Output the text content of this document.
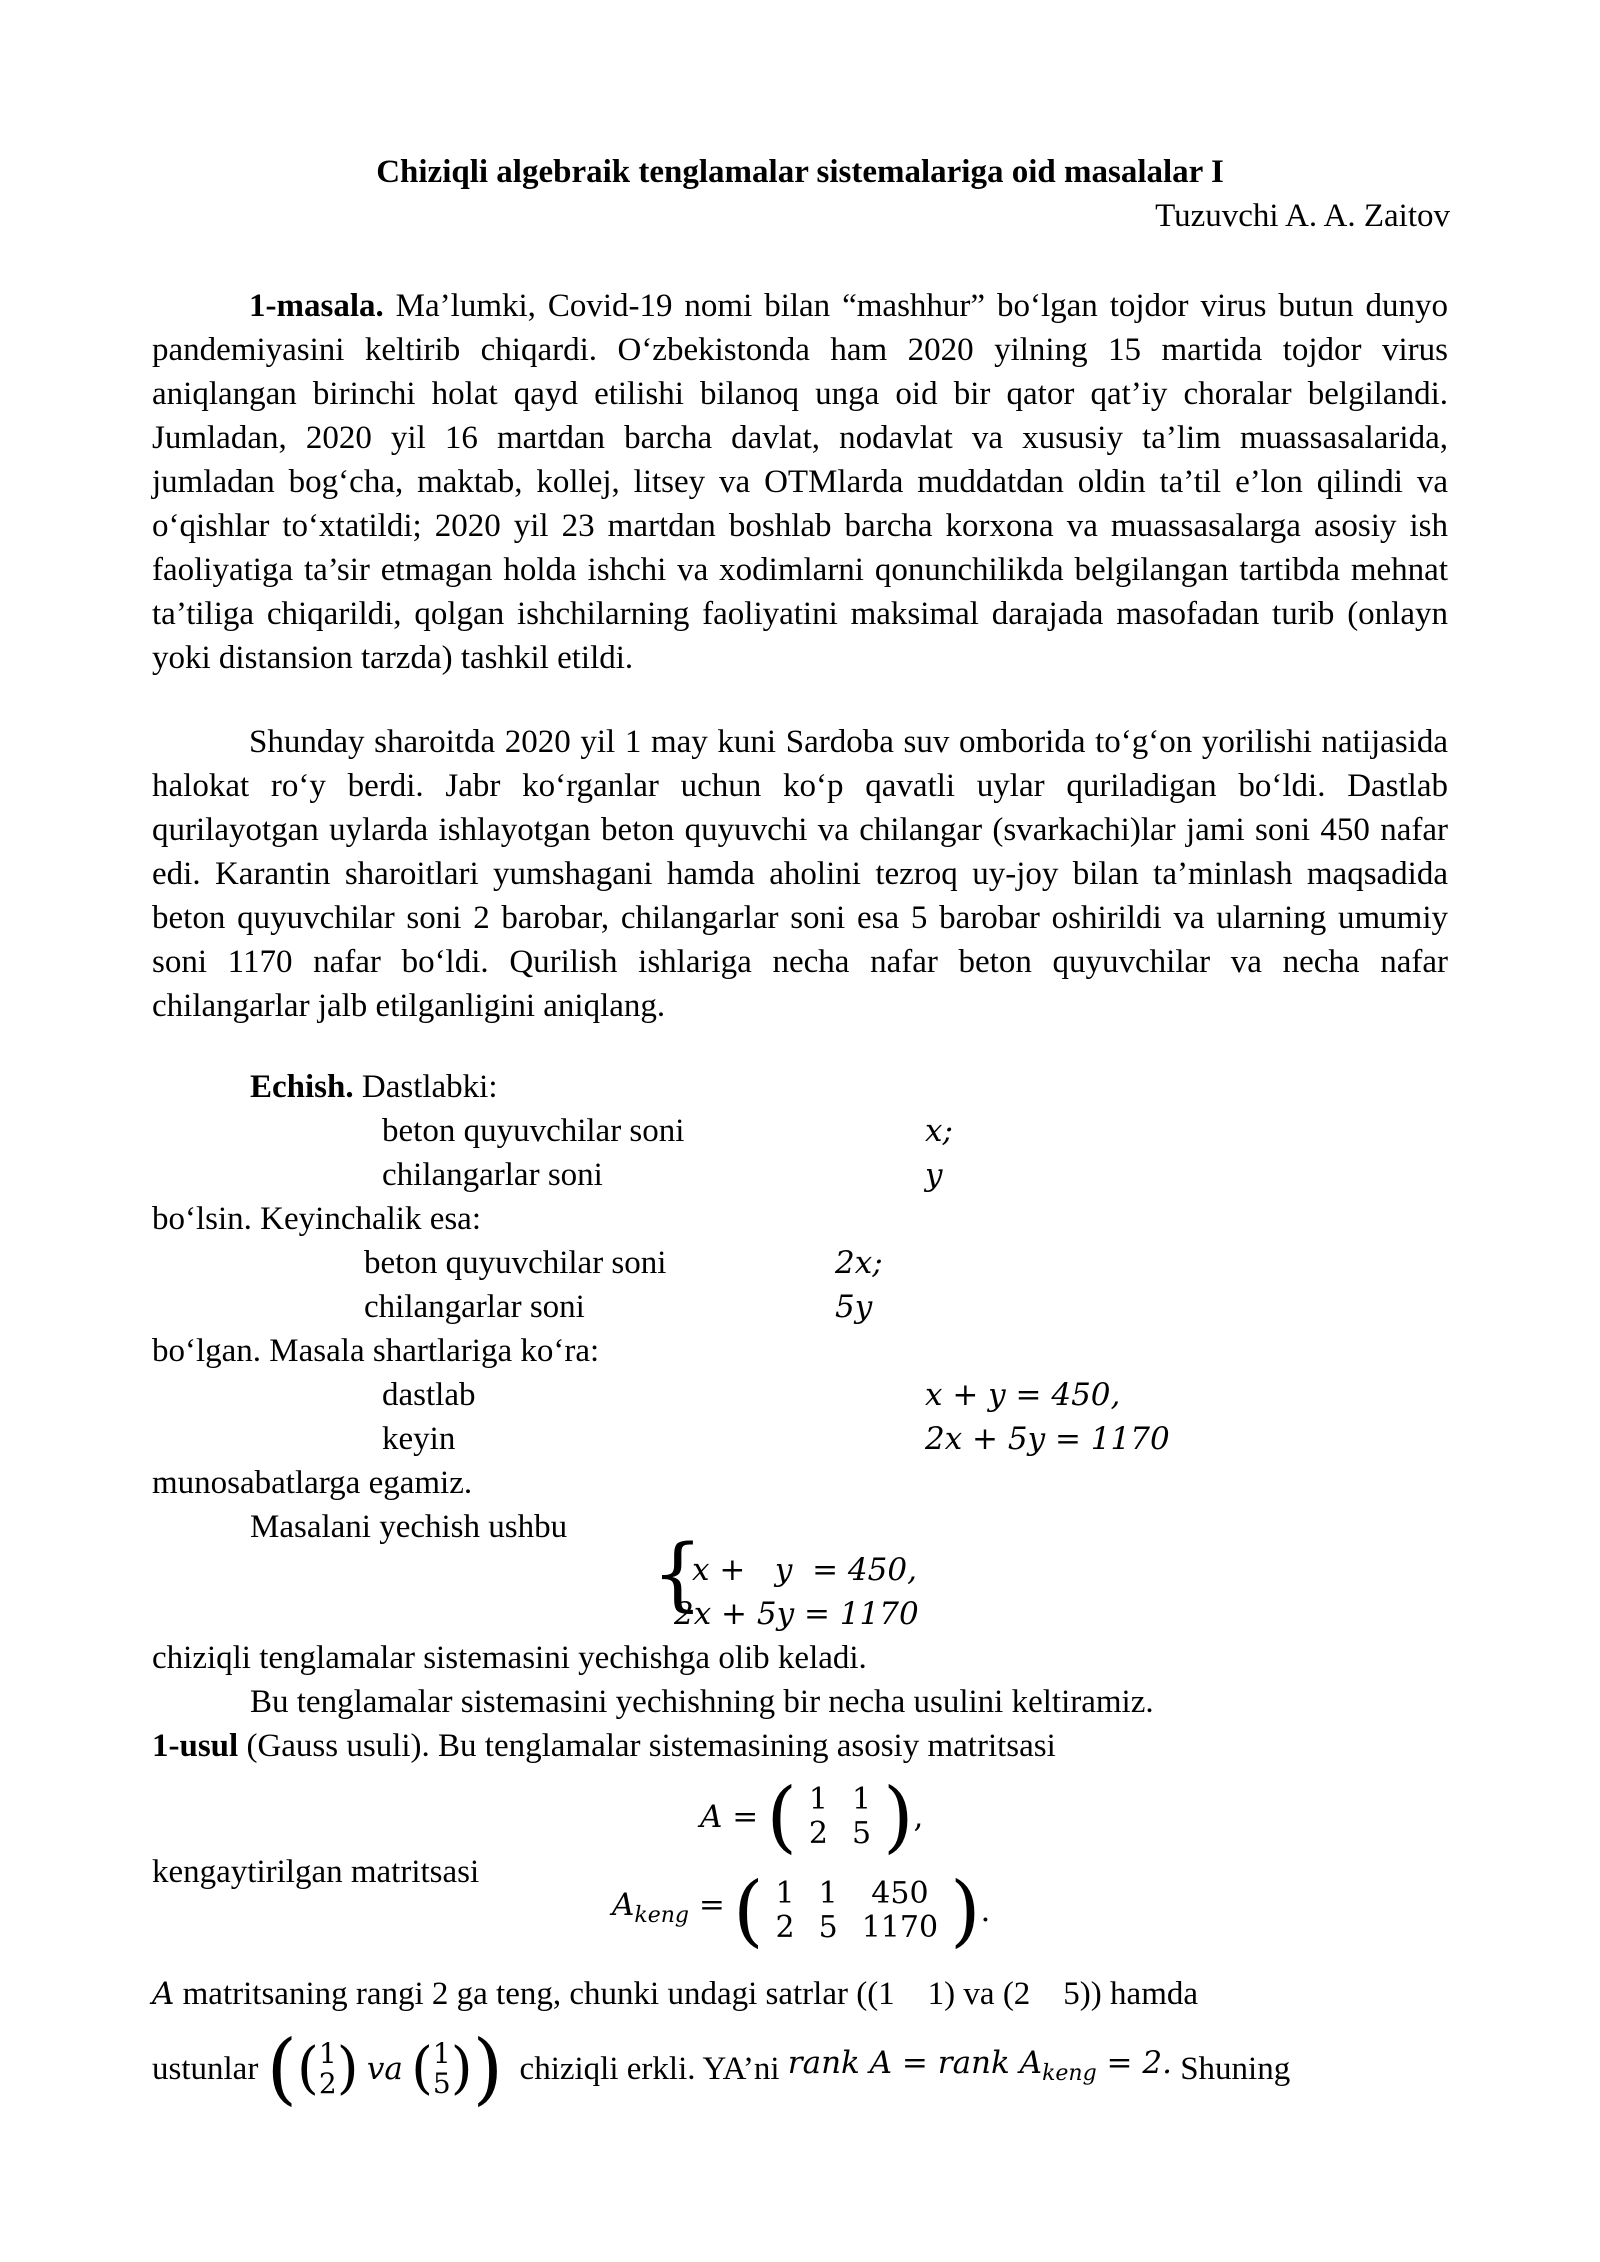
Chiziqli algebraik tenglamalar sistemalariga oid masalalar I
Tuzuvchi A. A. Zaitov

1-masala. Ma’lumki, Covid-19 nomi bilan “mashhur” bo‘lgan tojdor virus butun dunyo pandemiyasini keltirib chiqardi. O‘zbekistonda ham 2020 yilning 15 martida tojdor virus aniqlangan birinchi holat qayd etilishi bilanoq unga oid bir qator qat’iy choralar belgilandi. Jumladan, 2020 yil 16 martdan barcha davlat, nodavlat va xususiy ta’lim muassasalarida, jumladan bog‘cha, maktab, kollej, litsey va OTMlarda muddatdan oldin ta’til e’lon qilindi va o‘qishlar to‘xtatildi; 2020 yil 23 martdan boshlab barcha korxona va muassasalarga asosiy ish faoliyatiga ta’sir etmagan holda ishchi va xodimlarni qonunchilikda belgilangan tartibda mehnat ta’tiliga chiqarildi, qolgan ishchilarning faoliyatini maksimal darajada masofadan turib (onlayn yoki distansion tarzda) tashkil etildi.

Shunday sharoitda 2020 yil 1 may kuni Sardoba suv omborida to‘g‘on yorilishi natijasida halokat ro‘y berdi. Jabr ko‘rganlar uchun ko‘p qavatli uylar quriladigan bo‘ldi. Dastlab qurilayotgan uylarda ishlayotgan beton quyuvchi va chilangar (svarkachi)lar jami soni 450 nafar edi. Karantin sharoitlari yumshagani hamda aholini tezroq uy-joy bilan ta’minlash maqsadida beton quyuvchilar soni 2 barobar, chilangarlar soni esa 5 barobar oshirildi va ularning umumiy soni 1170 nafar bo‘ldi. Qurilish ishlariga necha nafar beton quyuvchilar va necha nafar chilangarlar jalb etilganligini aniqlang.

Echish. Dastlabki:
beton quyuvchilar soni	x;
chilangarlar soni	y
bo‘lsin. Keyinchalik esa:
beton quyuvchilar soni	2x;
chilangarlar soni	5y
bo‘lgan. Masala shartlariga ko‘ra:
dastlab	x + y = 450,
keyin	2x + 5y = 1170
munosabatlarga egamiz.
Masalani yechish ushbu {
x +   y  = 450,
2x + 5y = 1170
chiziqli tenglamalar sistemasini yechishga olib keladi.
Bu tenglamalar sistemasini yechishning bir necha usulini keltiramiz.
1-usul (Gauss usuli). Bu tenglamalar sistemasining asosiy matritsasi
A = ( 1	1
2	5 ),
kengaytirilgan matritsasi
$A_{keng}$ = ( 1	1	450
2	5	1170 ).
A matritsaning rangi 2 ga teng, chunki undagi satrlar ((1    1) va (2    5)) hamda
ustunlar (( 1
2 ) va ( 1
5 ))  chiziqli erkli. YA’ni rank A = rank $A_{keng} = 2$. Shuning
